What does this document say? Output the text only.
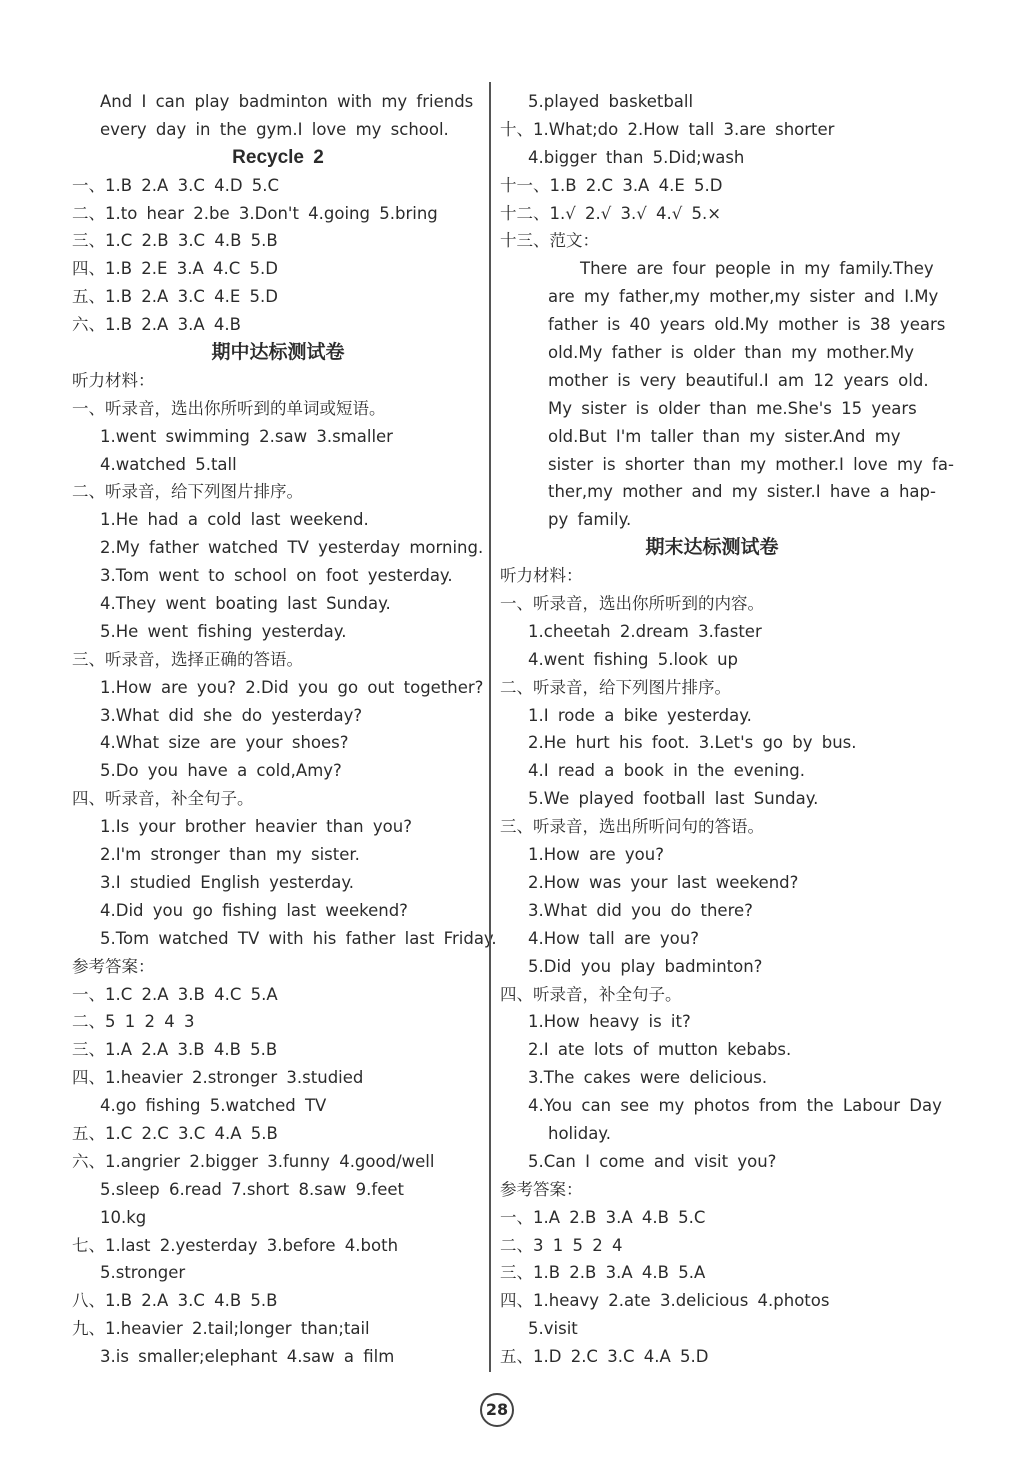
And I can play badminton with my friends
every day in the gym.I love my school.
Recycle 2
一、1.B 2.A 3.C 4.D 5.C
二、1.to hear 2.be 3.Don't 4.going 5.bring
三、1.C 2.B 3.C 4.B 5.B
四、1.B 2.E 3.A 4.C 5.D
五、1.B 2.A 3.C 4.E 5.D
六、1.B 2.A 3.A 4.B
期中达标测试卷
听力材料：
一、听录音，选出你所听到的单词或短语。
1.went swimming 2.saw 3.smaller
4.watched 5.tall
二、听录音，给下列图片排序。
1.He had a cold last weekend.
2.My father watched TV yesterday morning.
3.Tom went to school on foot yesterday.
4.They went boating last Sunday.
5.He went fishing yesterday.
三、听录音，选择正确的答语。
1.How are you? 2.Did you go out together?
3.What did she do yesterday?
4.What size are your shoes?
5.Do you have a cold,Amy?
四、听录音，补全句子。
1.Is your brother heavier than you?
2.I'm stronger than my sister.
3.I studied English yesterday.
4.Did you go fishing last weekend?
5.Tom watched TV with his father last Friday.
参考答案：
一、1.C 2.A 3.B 4.C 5.A
二、5 1 2 4 3
三、1.A 2.A 3.B 4.B 5.B
四、1.heavier 2.stronger 3.studied
4.go fishing 5.watched TV
五、1.C 2.C 3.C 4.A 5.B
六、1.angrier 2.bigger 3.funny 4.good/well
5.sleep 6.read 7.short 8.saw 9.feet
10.kg
七、1.last 2.yesterday 3.before 4.both
5.stronger
八、1.B 2.A 3.C 4.B 5.B
九、1.heavier 2.tail;longer than;tail
3.is smaller;elephant 4.saw a film
5.played basketball
十、1.What;do 2.How tall 3.are shorter
4.bigger than 5.Did;wash
十一、1.B 2.C 3.A 4.E 5.D
十二、1.√ 2.√ 3.√ 4.√ 5.×
十三、范文：
There are four people in my family.They
are my father,my mother,my sister and I.My
father is 40 years old.My mother is 38 years
old.My father is older than my mother.My
mother is very beautiful.I am 12 years old.
My sister is older than me.She's 15 years
old.But I'm taller than my sister.And my
sister is shorter than my mother.I love my fa-
ther,my mother and my sister.I have a hap-
py family.
期末达标测试卷
听力材料：
一、听录音，选出你所听到的内容。
1.cheetah 2.dream 3.faster
4.went fishing 5.look up
二、听录音，给下列图片排序。
1.I rode a bike yesterday.
2.He hurt his foot. 3.Let's go by bus.
4.I read a book in the evening.
5.We played football last Sunday.
三、听录音，选出所听问句的答语。
1.How are you?
2.How was your last weekend?
3.What did you do there?
4.How tall are you?
5.Did you play badminton?
四、听录音，补全句子。
1.How heavy is it?
2.I ate lots of mutton kebabs.
3.The cakes were delicious.
4.You can see my photos from the Labour Day
holiday.
5.Can I come and visit you?
参考答案：
一、1.A 2.B 3.A 4.B 5.C
二、3 1 5 2 4
三、1.B 2.B 3.A 4.B 5.A
四、1.heavy 2.ate 3.delicious 4.photos
5.visit
五、1.D 2.C 3.C 4.A 5.D
28
